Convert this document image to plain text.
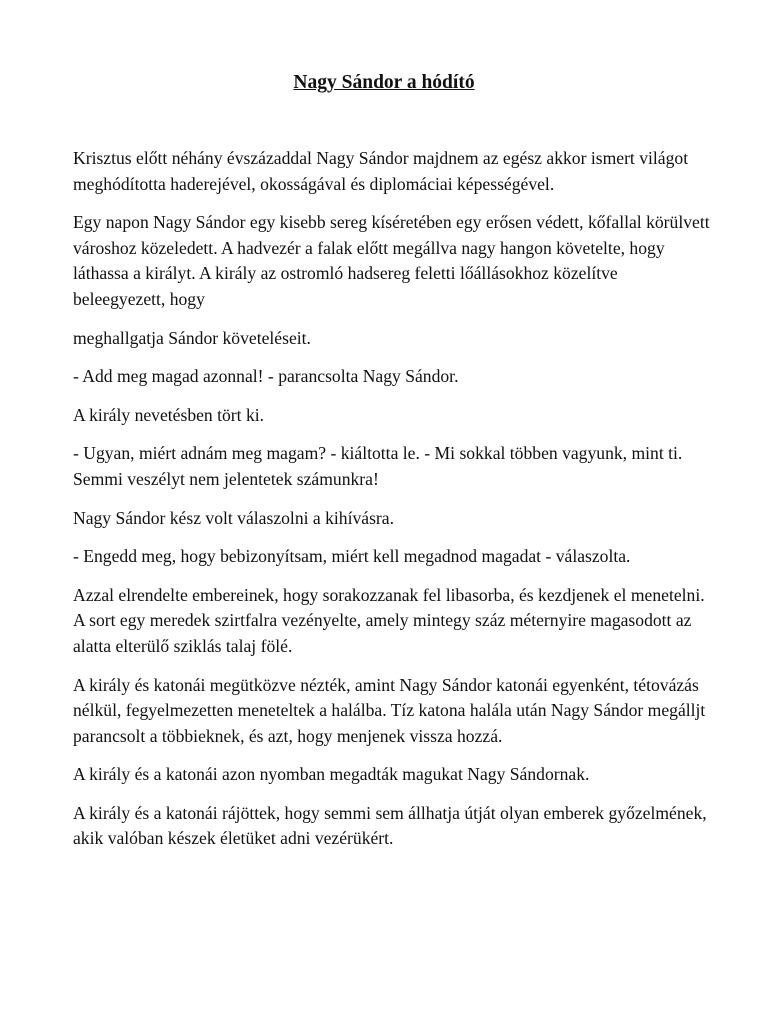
Nagy Sándor a hódító

Krisztus előtt néhány évszázaddal Nagy Sándor majdnem az egész akkor ismert világot meghódította haderejével, okosságával és diplomáciai képességével.

Egy napon Nagy Sándor egy kisebb sereg kíséretében egy erősen védett, kőfallal körülvett városhoz közeledett. A hadvezér a falak előtt megállva nagy hangon követelte, hogy láthassa a királyt. A király az ostromló hadsereg feletti lőállásokhoz közelítve beleegyezett, hogy

meghallgatja Sándor követeléseit.

- Add meg magad azonnal! - parancsolta Nagy Sándor.

A király nevetésben tört ki.

- Ugyan, miért adnám meg magam? - kiáltotta le. - Mi sokkal többen vagyunk, mint ti. Semmi veszélyt nem jelentetek számunkra!

Nagy Sándor kész volt válaszolni a kihívásra.

- Engedd meg, hogy bebizonyítsam, miért kell megadnod magadat - válaszolta.

Azzal elrendelte embereinek, hogy sorakozzanak fel libasorba, és kezdjenek el menetelni. A sort egy meredek szirtfalra vezényelte, amely mintegy száz méternyire magasodott az alatta elterülő sziklás talaj fölé.

A király és katonái megütközve nézték, amint Nagy Sándor katonái egyenként, tétovázás nélkül, fegyelmezetten meneteltek a halálba. Tíz katona halála után Nagy Sándor megálljt parancsolt a többieknek, és azt, hogy menjenek vissza hozzá.

A király és a katonái azon nyomban megadták magukat Nagy Sándornak.

A király és a katonái rájöttek, hogy semmi sem állhatja útját olyan emberek győzelmének, akik valóban készek életüket adni vezérükért.
